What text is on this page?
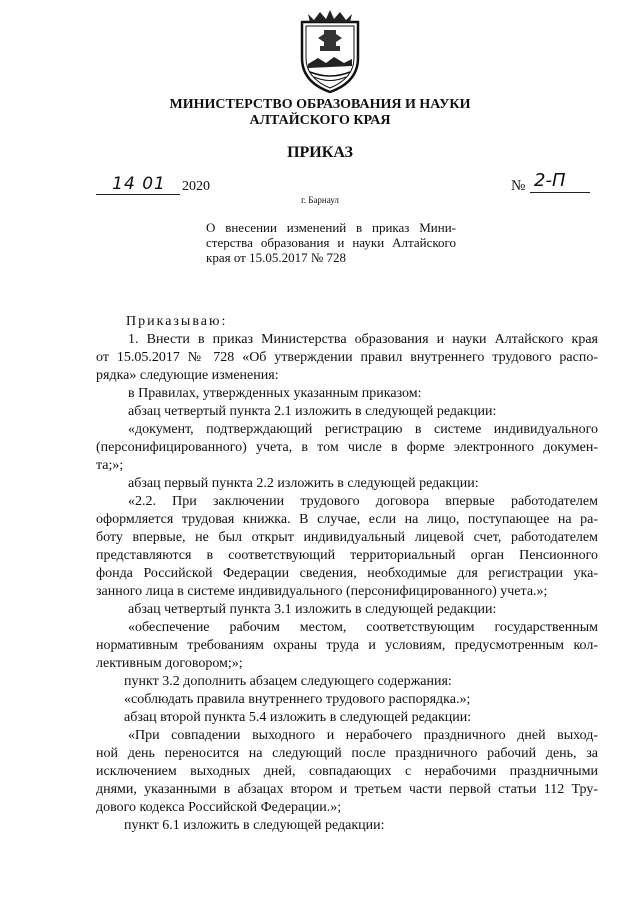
МИНИСТЕРСТВО ОБРАЗОВАНИЯ И НАУКИ
АЛТАЙСКОГО КРАЯ
ПРИКАЗ
14 01	2020	№ 2-П
г. Барнаул
О внесении изменений в приказ Мини-
стерства образования и науки Алтайского
края от 15.05.2017 № 728
Приказываю:
1. Внести в приказ Министерства образования и науки Алтайского края
от 15.05.2017 № 728 «Об утверждении правил внутреннего трудового распо-
рядка» следующие изменения:
в Правилах, утвержденных указанным приказом:
абзац четвертый пункта 2.1 изложить в следующей редакции:
«документ, подтверждающий регистрацию в системе индивидуального
(персонифицированного) учета, в том числе в форме электронного докумен-
та;»;
абзац первый пункта 2.2 изложить в следующей редакции:
«2.2. При заключении трудового договора впервые работодателем
оформляется трудовая книжка. В случае, если на лицо, поступающее на ра-
боту впервые, не был открыт индивидуальный лицевой счет, работодателем
представляются в соответствующий территориальный орган Пенсионного
фонда Российской Федерации сведения, необходимые для регистрации ука-
занного лица в системе индивидуального (персонифицированного) учета.»;
абзац четвертый пункта 3.1 изложить в следующей редакции:
«обеспечение рабочим местом, соответствующим государственным
нормативным требованиям охраны труда и условиям, предусмотренным кол-
лективным договором;»;
пункт 3.2 дополнить абзацем следующего содержания:
«соблюдать правила внутреннего трудового распорядка.»;
абзац второй пункта 5.4 изложить в следующей редакции:
«При совпадении выходного и нерабочего праздничного дней выход-
ной день переносится на следующий после праздничного рабочий день, за
исключением выходных дней, совпадающих с нерабочими праздничными
днями, указанными в абзацах втором и третьем части первой статьи 112 Тру-
дового кодекса Российской Федерации.»;
пункт 6.1 изложить в следующей редакции:
